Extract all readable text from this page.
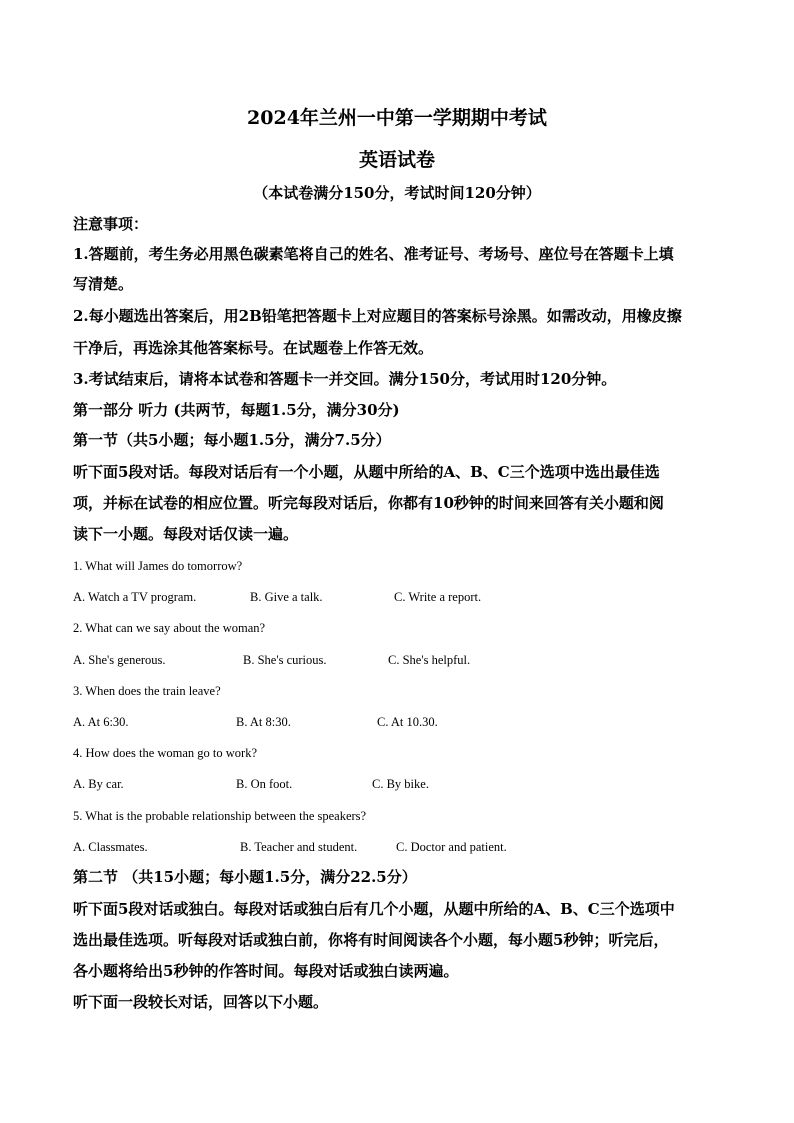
2024年兰州一中第一学期期中考试
英语试卷
（本试卷满分150分，考试时间120分钟）
注意事项：
1.答题前，考生务必用黑色碳素笔将自己的姓名、准考证号、考场号、座位号在答题卡上填
写清楚。
2.每小题选出答案后，用2B铅笔把答题卡上对应题目的答案标号涂黑。如需改动，用橡皮擦
干净后，再选涂其他答案标号。在试题卷上作答无效。
3.考试结束后，请将本试卷和答题卡一并交回。满分150分，考试用时120分钟。
第一部分 听力 (共两节，每题1.5分，满分30分)
第一节（共5小题；每小题1.5分，满分7.5分）
听下面5段对话。每段对话后有一个小题，从题中所给的A、B、C三个选项中选出最佳选
项，并标在试卷的相应位置。听完每段对话后，你都有10秒钟的时间来回答有关小题和阅
读下一小题。每段对话仅读一遍。
1. What will James do tomorrow?
A. Watch a TV program.	B. Give a talk.	C. Write a report.
2. What can we say about the woman?
A. She's generous.	B. She's curious.	C. She's helpful.
3. When does the train leave?
A. At 6:30.	B. At 8:30.	C. At 10.30.
4. How does the woman go to work?
A. By car.	B. On foot.	C. By bike.
5. What is the probable relationship between the speakers?
A. Classmates.	B. Teacher and student.	C. Doctor and patient.
第二节 （共15小题；每小题1.5分，满分22.5分）
听下面5段对话或独白。每段对话或独白后有几个小题，从题中所给的A、B、C三个选项中
选出最佳选项。听每段对话或独白前，你将有时间阅读各个小题，每小题5秒钟；听完后，
各小题将给出5秒钟的作答时间。每段对话或独白读两遍。
听下面一段较长对话，回答以下小题。
